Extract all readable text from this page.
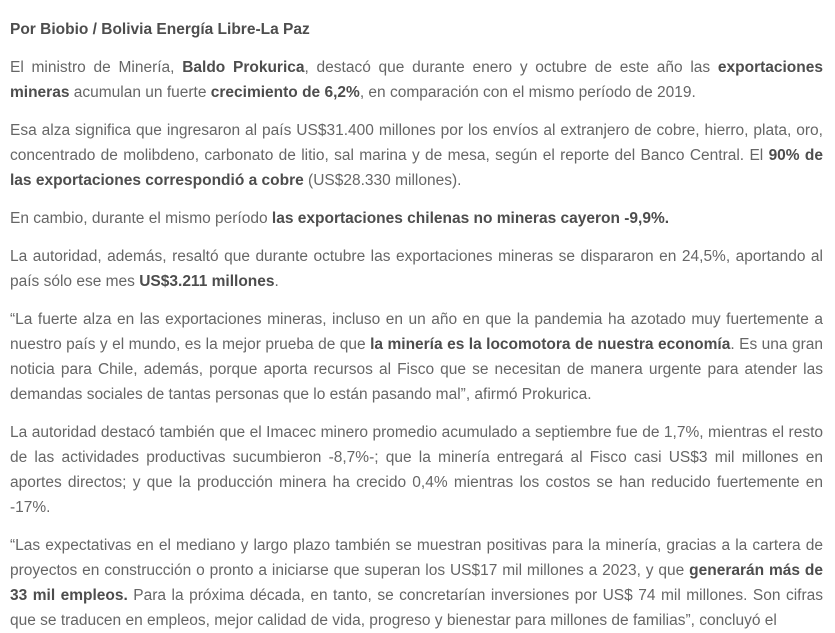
Por Biobio / Bolivia Energía Libre-La Paz

El ministro de Minería, Baldo Prokurica, destacó que durante enero y octubre de este año las exportaciones mineras acumulan un fuerte crecimiento de 6,2%, en comparación con el mismo período de 2019.

Esa alza significa que ingresaron al país US$31.400 millones por los envíos al extranjero de cobre, hierro, plata, oro, concentrado de molibdeno, carbonato de litio, sal marina y de mesa, según el reporte del Banco Central. El 90% de las exportaciones correspondió a cobre (US$28.330 millones).

En cambio, durante el mismo período las exportaciones chilenas no mineras cayeron -9,9%.

La autoridad, además, resaltó que durante octubre las exportaciones mineras se dispararon en 24,5%, aportando al país sólo ese mes US$3.211 millones.

“La fuerte alza en las exportaciones mineras, incluso en un año en que la pandemia ha azotado muy fuertemente a nuestro país y el mundo, es la mejor prueba de que la minería es la locomotora de nuestra economía. Es una gran noticia para Chile, además, porque aporta recursos al Fisco que se necesitan de manera urgente para atender las demandas sociales de tantas personas que lo están pasando mal”, afirmó Prokurica.

La autoridad destacó también que el Imacec minero promedio acumulado a septiembre fue de 1,7%, mientras el resto de las actividades productivas sucumbieron -8,7%-; que la minería entregará al Fisco casi US$3 mil millones en aportes directos; y que la producción minera ha crecido 0,4% mientras los costos se han reducido fuertemente en -17%.

“Las expectativas en el mediano y largo plazo también se muestran positivas para la minería, gracias a la cartera de proyectos en construcción o pronto a iniciarse que superan los US$17 mil millones a 2023, y que generarán más de 33 mil empleos. Para la próxima década, en tanto, se concretarían inversiones por US$ 74 mil millones. Son cifras que se traducen en empleos, mejor calidad de vida, progreso y bienestar para millones de familias”, concluyó el
